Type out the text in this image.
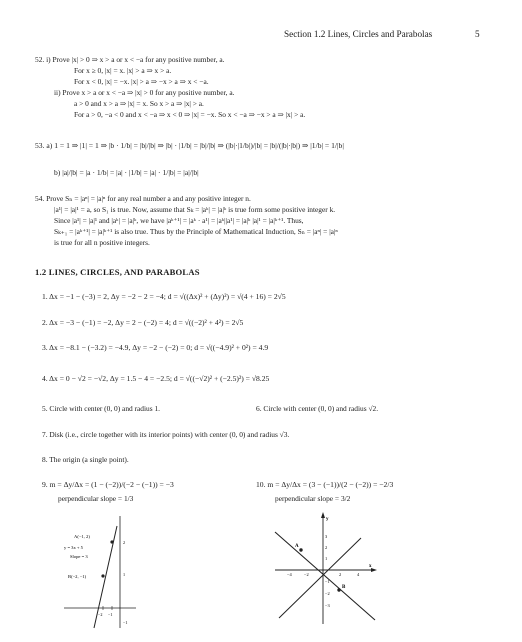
Section 1.2 Lines, Circles and Parabolas	5
52. i) Prove |x| > 0 ⇒ x > a or x < −a for any positive number, a.
For x ≥ 0, |x| = x. |x| > a ⇒ x > a.
For x < 0, |x| = −x. |x| > a ⇒ −x > a ⇒ x < −a.
ii) Prove x > a or x < −a ⇒ |x| > 0 for any positive number, a.
a > 0 and x > a ⇒ |x| = x. So x > a ⇒ |x| > a.
For a > 0, −a < 0 and x < −a ⇒ x < 0 ⇒ |x| = −x. So x < −a ⇒ −x > a ⇒ |x| > a.
53. a) 1 = 1 ⇒ |1| = 1 ⇒ |b · 1/b| = |b|/|b| ⇒ |b| · |1/b| = |b|/|b| ⇒ (|b|·|1/b|)/|b| = |b|/(|b|·|b|) ⇒ |1/b| = 1/|b|
b) |a|/|b| = |a · 1/b| = |a| · |1/b| = |a| · 1/|b| = |a|/|b|
54. Prove Sₙ = |aⁿ| = |a|ⁿ for any real number a and any positive integer n.
|a¹| = |a|¹ = a, so S₁ is true. Now, assume that Sₖ = |aᵏ| = |a|ᵏ is true form some positive integer k.
Since |a¹| = |a|¹ and |aᵏ| = |a|ᵏ, we have |aᵏ⁺¹| = |aᵏ · a¹| = |aᵏ||a¹| = |a|ᵏ |a|¹ = |a|ᵏ⁺¹. Thus,
Sₖ₊₁ = |aᵏ⁺¹| = |a|ᵏ⁺¹ is also true. Thus by the Principle of Mathematical Induction, Sₙ = |aⁿ| = |a|ⁿ
is true for all n positive integers.
1.2 LINES, CIRCLES, AND PARABOLAS
1. Δx = −1 − (−3) = 2, Δy = −2 − 2 = −4; d = √((Δx)² + (Δy)²) = √(4 + 16) = 2√5
2. Δx = −3 − (−1) = −2, Δy = 2 − (−2) = 4; d = √((−2)² + 4²) = 2√5
3. Δx = −8.1 − (−3.2) = −4.9, Δy = −2 − (−2) = 0; d = √((−4.9)² + 0²) = 4.9
4. Δx = 0 − √2 = −√2, Δy = 1.5 − 4 = −2.5; d = √((−√2)² + (−2.5)²) = √8.25
5. Circle with center (0, 0) and radius 1.	6. Circle with center (0, 0) and radius √2.
7. Disk (i.e., circle together with its interior points) with center (0, 0) and radius √3.
8. The origin (a single point).
9. m = Δy/Δx = (1 − (−2))/(−2 − (−1)) = −3
perpendicular slope = 1/3
10. m = Δy/Δx = (3 − (−1))/(2 − (−2)) = −2/3
perpendicular slope = 3/2
A(−1, 2)
y = 3x + 5
Slope = 3
B(−2, −1)
−2 −1
2
1
−1
y
x
A
B
−4	−2	2	4
3
2
1
−1
−2
−3
